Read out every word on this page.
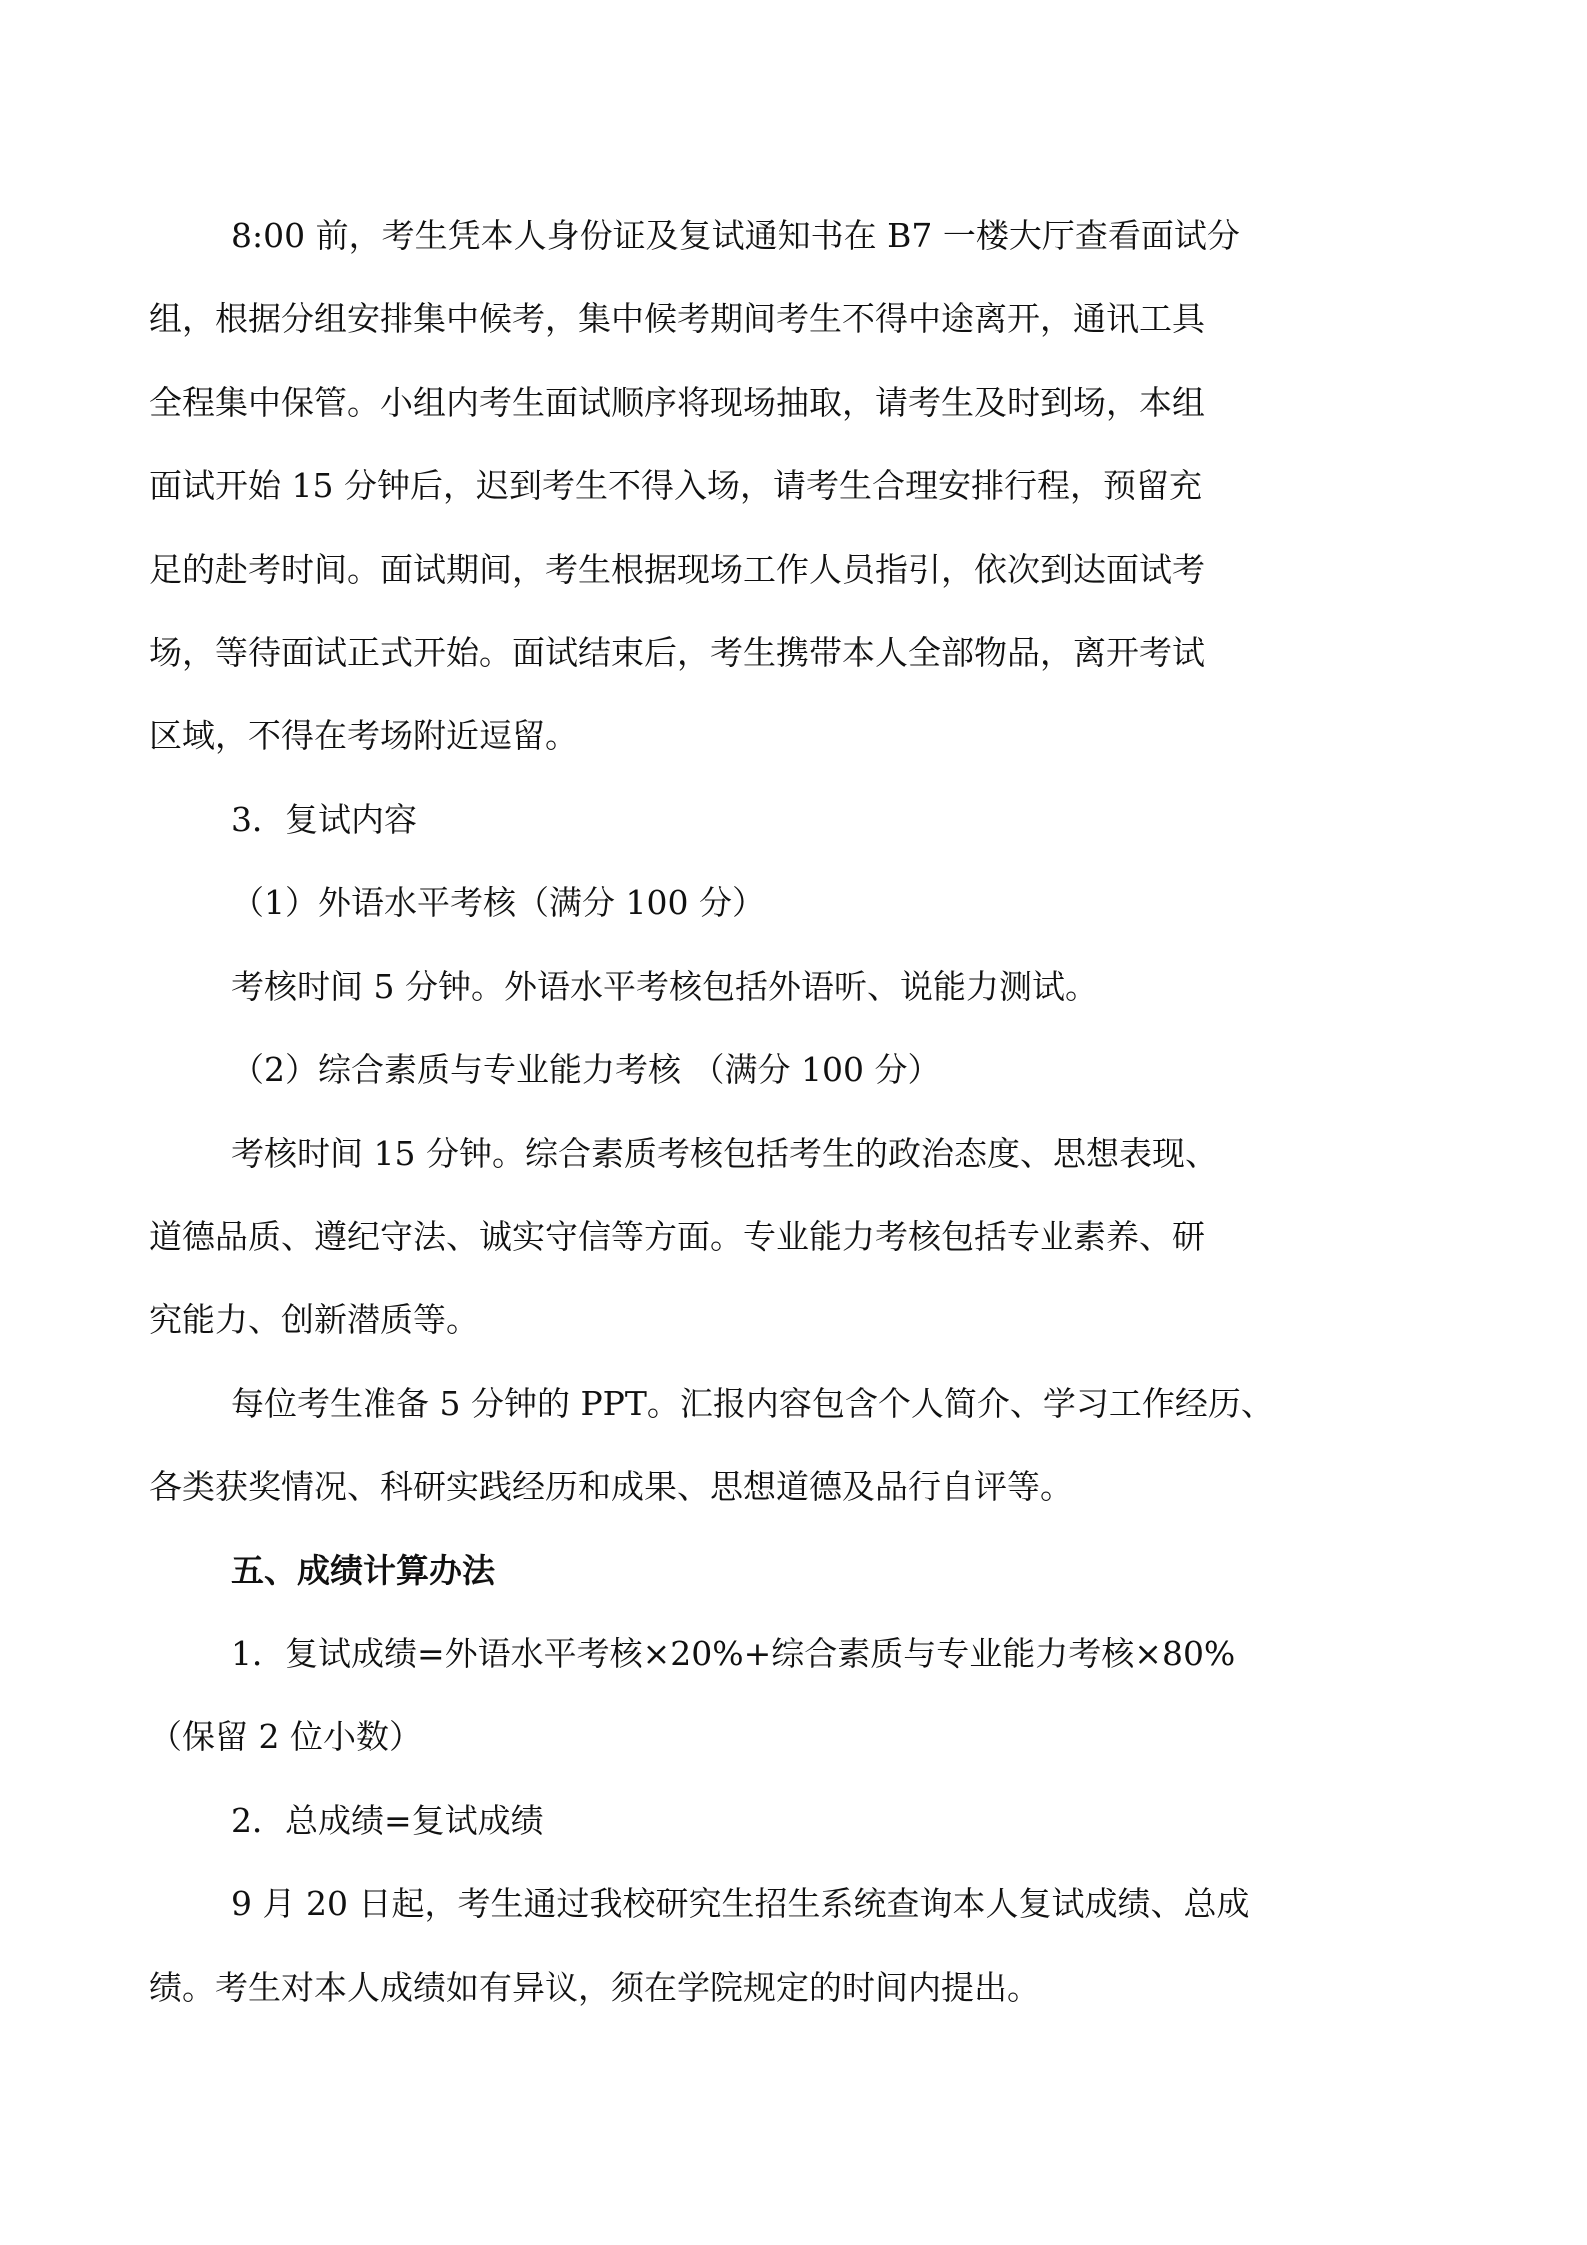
8:00 前，考生凭本人身份证及复试通知书在 B7 一楼大厅查看面试分

组，根据分组安排集中候考，集中候考期间考生不得中途离开，通讯工具

全程集中保管。小组内考生面试顺序将现场抽取，请考生及时到场，本组

面试开始 15 分钟后，迟到考生不得入场，请考生合理安排行程，预留充

足的赴考时间。面试期间，考生根据现场工作人员指引，依次到达面试考

场，等待面试正式开始。面试结束后，考生携带本人全部物品，离开考试

区域，不得在考场附近逗留。

3．复试内容

（1）外语水平考核（满分 100 分）

考核时间 5 分钟。外语水平考核包括外语听、说能力测试。

（2）综合素质与专业能力考核 （满分 100 分）

考核时间 15 分钟。综合素质考核包括考生的政治态度、思想表现、

道德品质、遵纪守法、诚实守信等方面。专业能力考核包括专业素养、研

究能力、创新潜质等。

每位考生准备 5 分钟的 PPT。汇报内容包含个人简介、学习工作经历、

各类获奖情况、科研实践经历和成果、思想道德及品行自评等。

五、成绩计算办法

1．复试成绩=外语水平考核×20%+综合素质与专业能力考核×80%

（保留 2 位小数）

2．总成绩=复试成绩

9 月 20 日起，考生通过我校研究生招生系统查询本人复试成绩、总成

绩。考生对本人成绩如有异议，须在学院规定的时间内提出。
